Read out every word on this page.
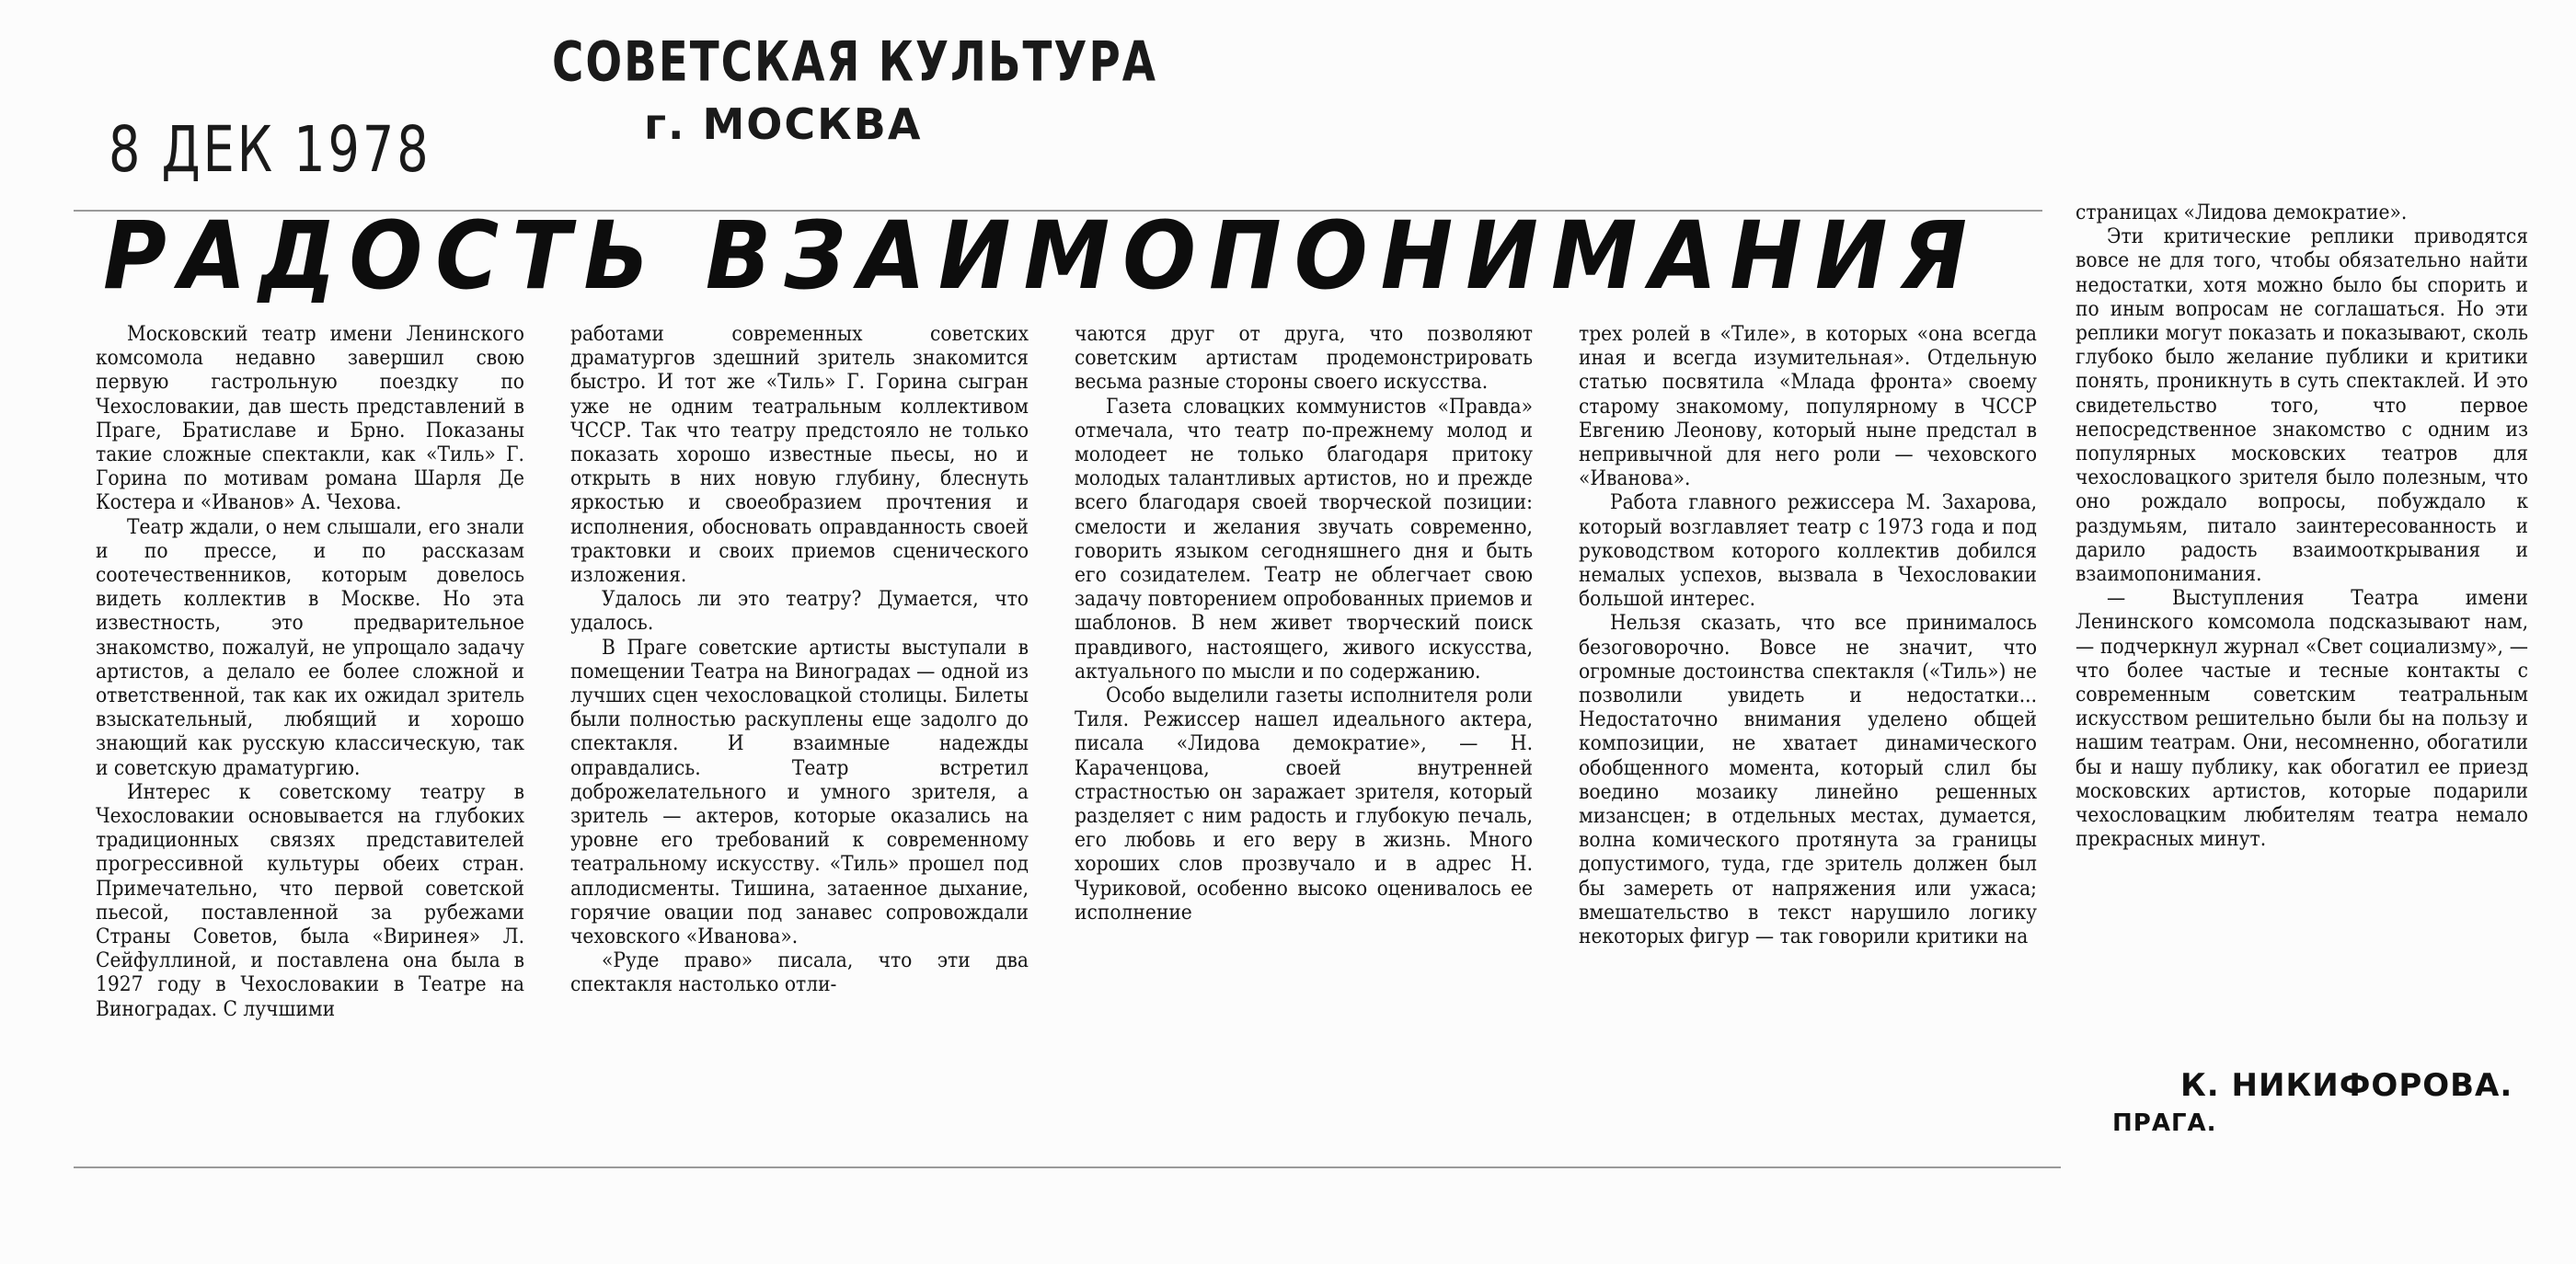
СОВЕТСКАЯ КУЛЬТУРА
г. МОСКВА
8 ДЕК 1978
РАДОСТЬ ВЗАИМОПОНИМАНИЯ

Московский театр имени Ленинского комсомола недавно завершил свою первую гастрольную поездку по Чехословакии, дав шесть представлений в Праге, Братиславе и Брно. Показаны такие сложные спектакли, как «Тиль» Г. Горина по мотивам романа Шарля Де Костера и «Иванов» А. Чехова.

Театр ждали, о нем слышали, его знали и по прессе, и по рассказам соотечественников, которым довелось видеть коллектив в Москве. Но эта известность, это предварительное знакомство, пожалуй, не упрощало задачу артистов, а делало ее более сложной и ответственной, так как их ожидал зритель взыскательный, любящий и хорошо знающий как русскую классическую, так и советскую драматургию.

Интерес к советскому театру в Чехословакии основывается на глубоких традиционных связях представителей прогрессивной культуры обеих стран. Примечательно, что первой советской пьесой, поставленной за рубежами Страны Советов, была «Виринея» Л. Сейфуллиной, и поставлена она была в 1927 году в Чехословакии в Театре на Виноградах. С лучшими

работами современных советских драматургов здешний зритель знакомится быстро. И тот же «Тиль» Г. Горина сыгран уже не одним театральным коллективом ЧССР. Так что театру предстояло не только показать хорошо известные пьесы, но и открыть в них новую глубину, блеснуть яркостью и своеобразием прочтения и исполнения, обосновать оправданность своей трактовки и своих приемов сценического изложения.

Удалось ли это театру? Думается, что удалось.

В Праге советские артисты выступали в помещении Театра на Виноградах — одной из лучших сцен чехословацкой столицы. Билеты были полностью раскуплены еще задолго до спектакля. И взаимные надежды оправдались. Театр встретил доброжелательного и умного зрителя, а зритель — актеров, которые оказались на уровне его требований к современному театральному искусству. «Тиль» прошел под аплодисменты. Тишина, затаенное дыхание, горячие овации под занавес сопровождали чеховского «Иванова».

«Руде право» писала, что эти два спектакля настолько отли-

чаются друг от друга, что позволяют советским артистам продемонстрировать весьма разные стороны своего искусства.

Газета словацких коммунистов «Правда» отмечала, что театр по-прежнему молод и молодеет не только благодаря притоку молодых талантливых артистов, но и прежде всего благодаря своей творческой позиции: смелости и желания звучать современно, говорить языком сегодняшнего дня и быть его созидателем. Театр не облегчает свою задачу повторением опробованных приемов и шаблонов. В нем живет творческий поиск правдивого, настоящего, живого искусства, актуального по мысли и по содержанию.

Особо выделили газеты исполнителя роли Тиля. Режиссер нашел идеального актера, писала «Лидова демократие», — Н. Караченцова, своей внутренней страстностью он заражает зрителя, который разделяет с ним радость и глубокую печаль, его любовь и его веру в жизнь. Много хороших слов прозвучало и в адрес Н. Чуриковой, особенно высоко оценивалось ее исполнение

трех ролей в «Тиле», в которых «она всегда иная и всегда изумительная». Отдельную статью посвятила «Млада фронта» своему старому знакомому, популярному в ЧССР Евгению Леонову, который ныне предстал в непривычной для него роли — чеховского «Иванова».

Работа главного режиссера М. Захарова, который возглавляет театр с 1973 года и под руководством которого коллектив добился немалых успехов, вызвала в Чехословакии большой интерес.

Нельзя сказать, что все принималось безоговорочно. Вовсе не значит, что огромные достоинства спектакля («Тиль») не позволили увидеть и недостатки... Недостаточно внимания уделено общей композиции, не хватает динамического обобщенного момента, который слил бы воедино мозаику линейно решенных мизансцен; в отдельных местах, думается, волна комического протянута за границы допустимого, туда, где зритель должен был бы замереть от напряжения или ужаса; вмешательство в текст нарушило логику некоторых фигур — так говорили критики на

страницах «Лидова демократие».

Эти критические реплики приводятся вовсе не для того, чтобы обязательно найти недостатки, хотя можно было бы спорить и по иным вопросам не соглашаться. Но эти реплики могут показать и показывают, сколь глубоко было желание публики и критики понять, проникнуть в суть спектаклей. И это свидетельство того, что первое непосредственное знакомство с одним из популярных московских театров для чехословацкого зрителя было полезным, что оно рождало вопросы, побуждало к раздумьям, питало заинтересованность и дарило радость взаимооткрывания и взаимопонимания.

— Выступления Театра имени Ленинского комсомола подсказывают нам, — подчеркнул журнал «Свет социализму», — что более частые и тесные контакты с современным советским театральным искусством решительно были бы на пользу и нашим театрам. Они, несомненно, обогатили бы и нашу публику, как обогатил ее приезд московских артистов, которые подарили чехословацким любителям театра немало прекрасных минут.

К. НИКИФОРОВА.
ПРАГА.
